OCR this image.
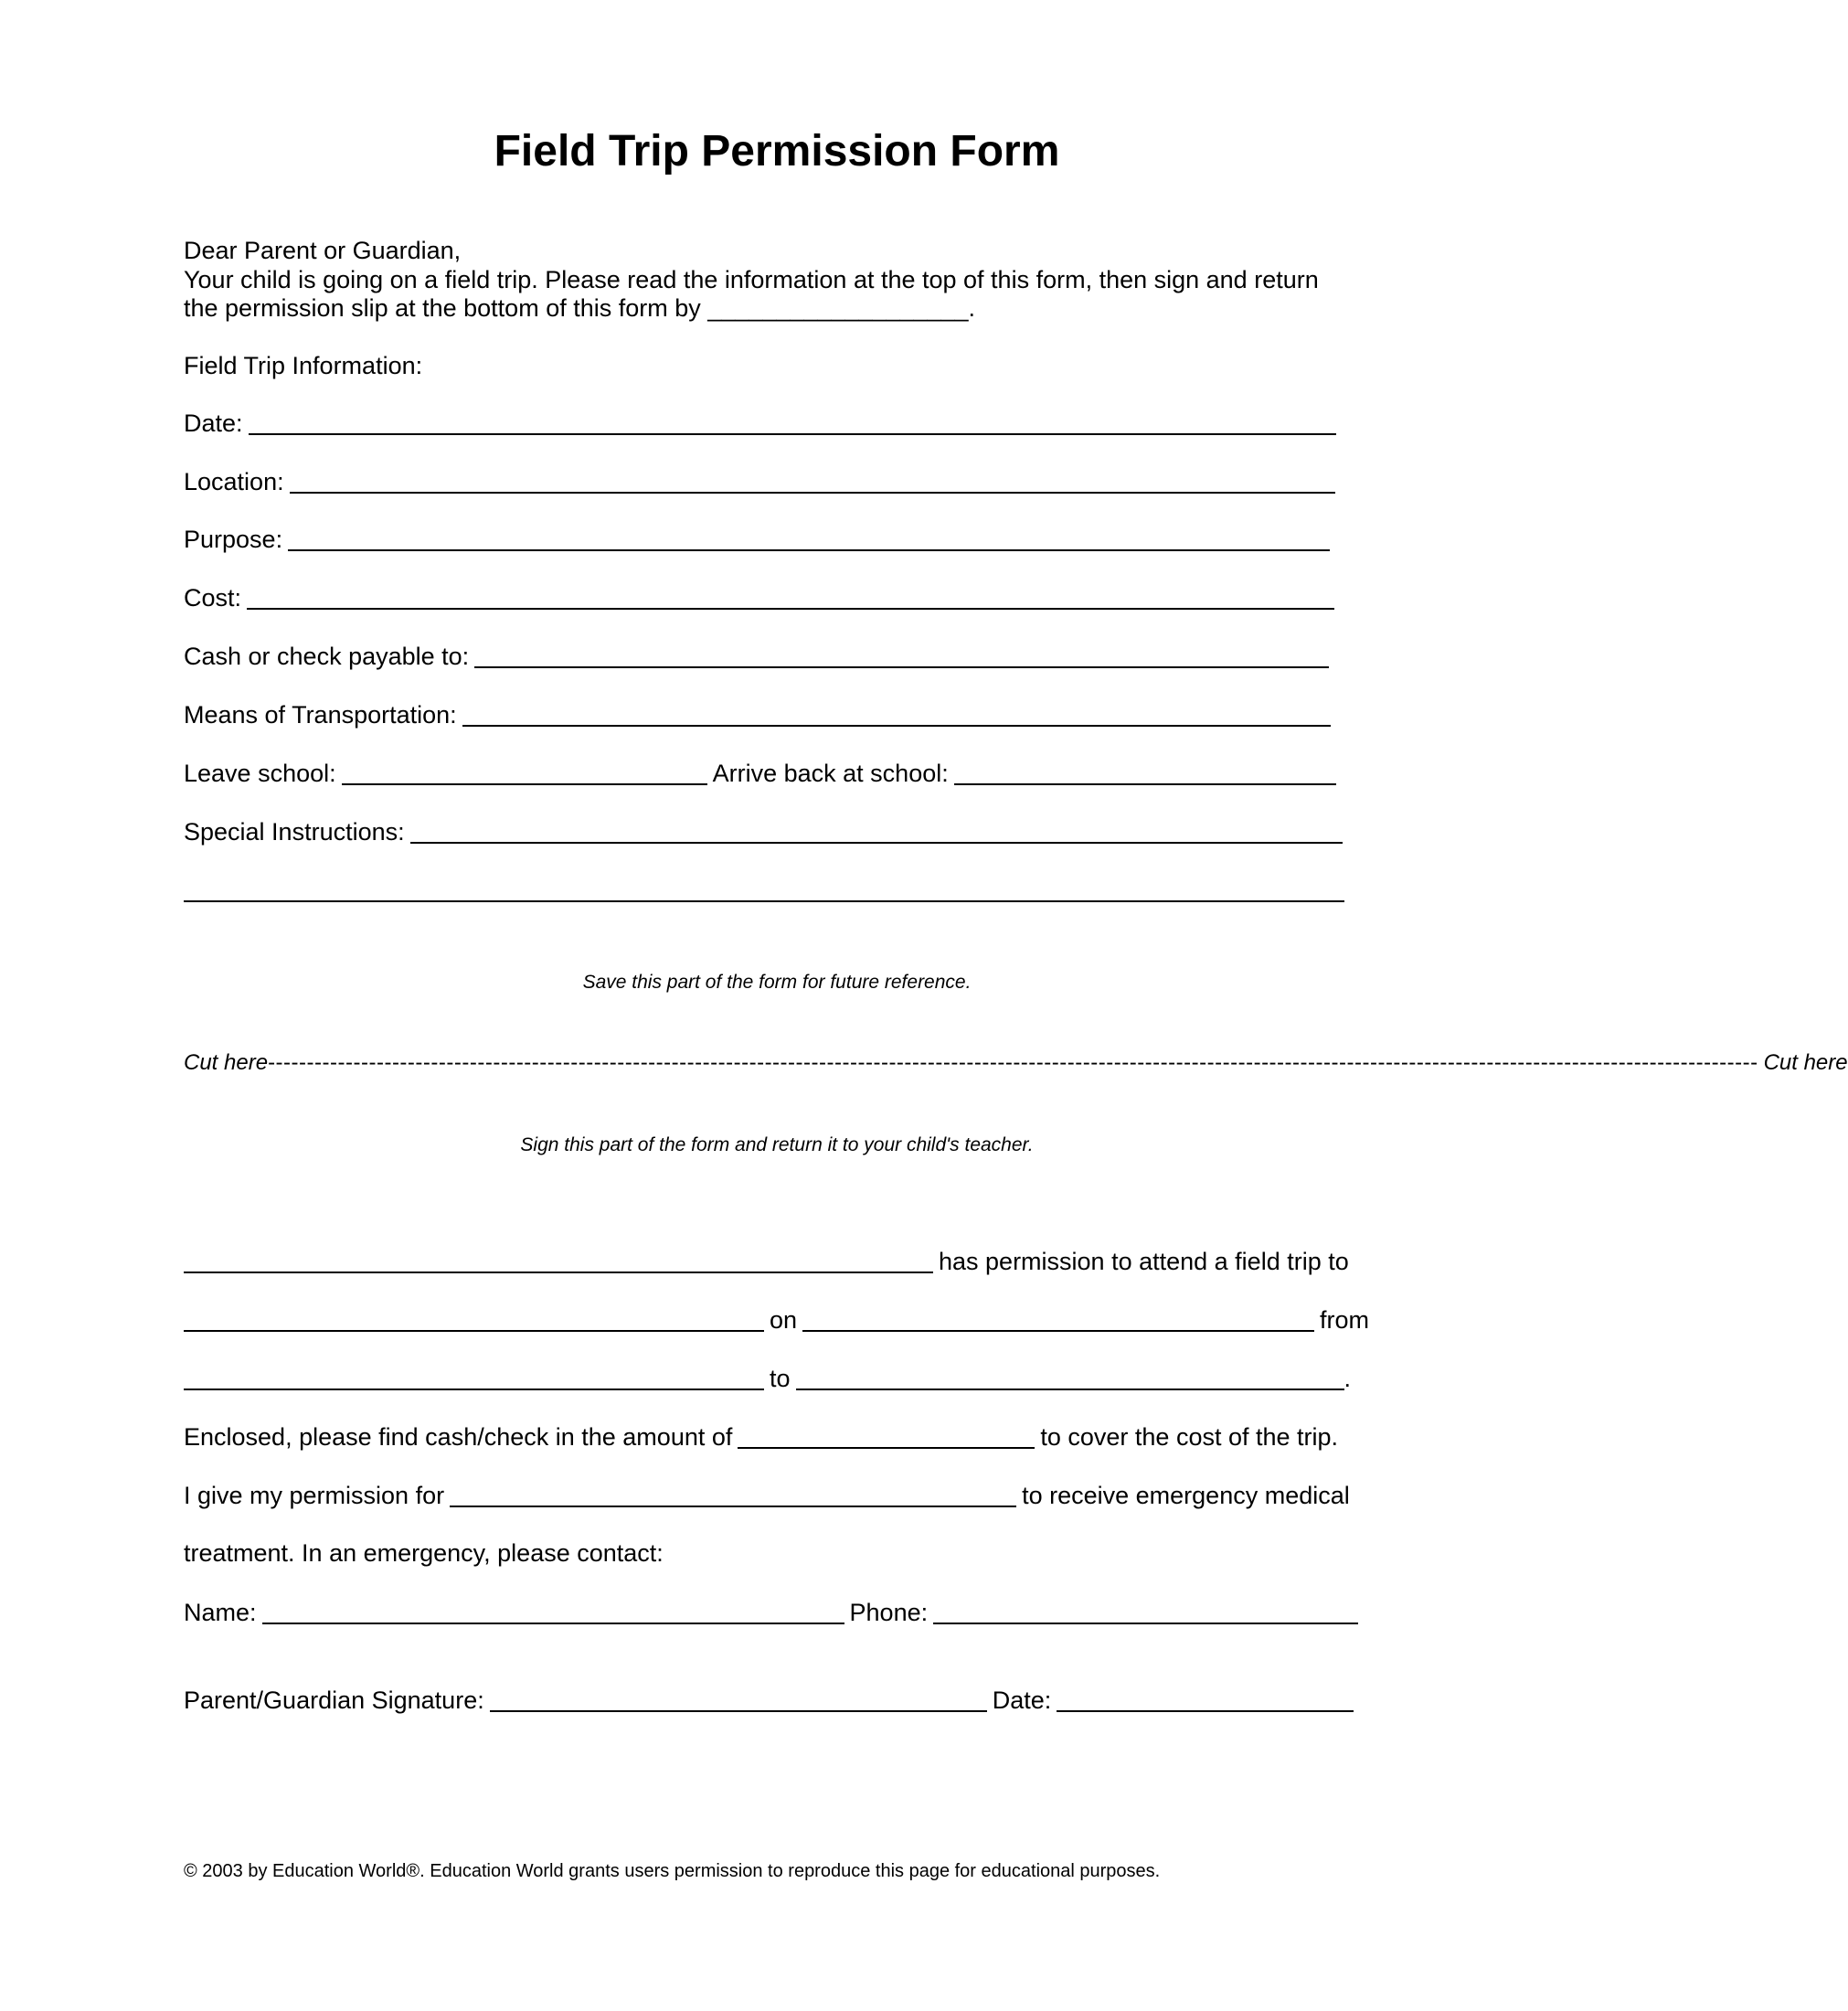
Field Trip Permission Form
Dear Parent or Guardian,
Your child is going on a field trip. Please read the information at the top of this form, then sign and return
the permission slip at the bottom of this form by ___________________.
Field Trip Information:
Date:
Location:
Purpose:
Cost:
Cash or check payable to:
Means of Transportation:
Leave school:	Arrive back at school:
Special Instructions:
Save this part of the form for future reference.
Cut here ------------------------------------------------------------------------------------------------------------------------------------------------------------------------------------------------ Cut here
Sign this part of the form and return it to your child's teacher.
has permission to attend a field trip to
on	from
to	.
Enclosed, please find cash/check in the amount of	to cover the cost of the trip.
I give my permission for	to receive emergency medical
treatment. In an emergency, please contact:
Name:	Phone:
Parent/Guardian Signature:	Date:
© 2003 by Education World®. Education World grants users permission to reproduce this page for educational purposes.
